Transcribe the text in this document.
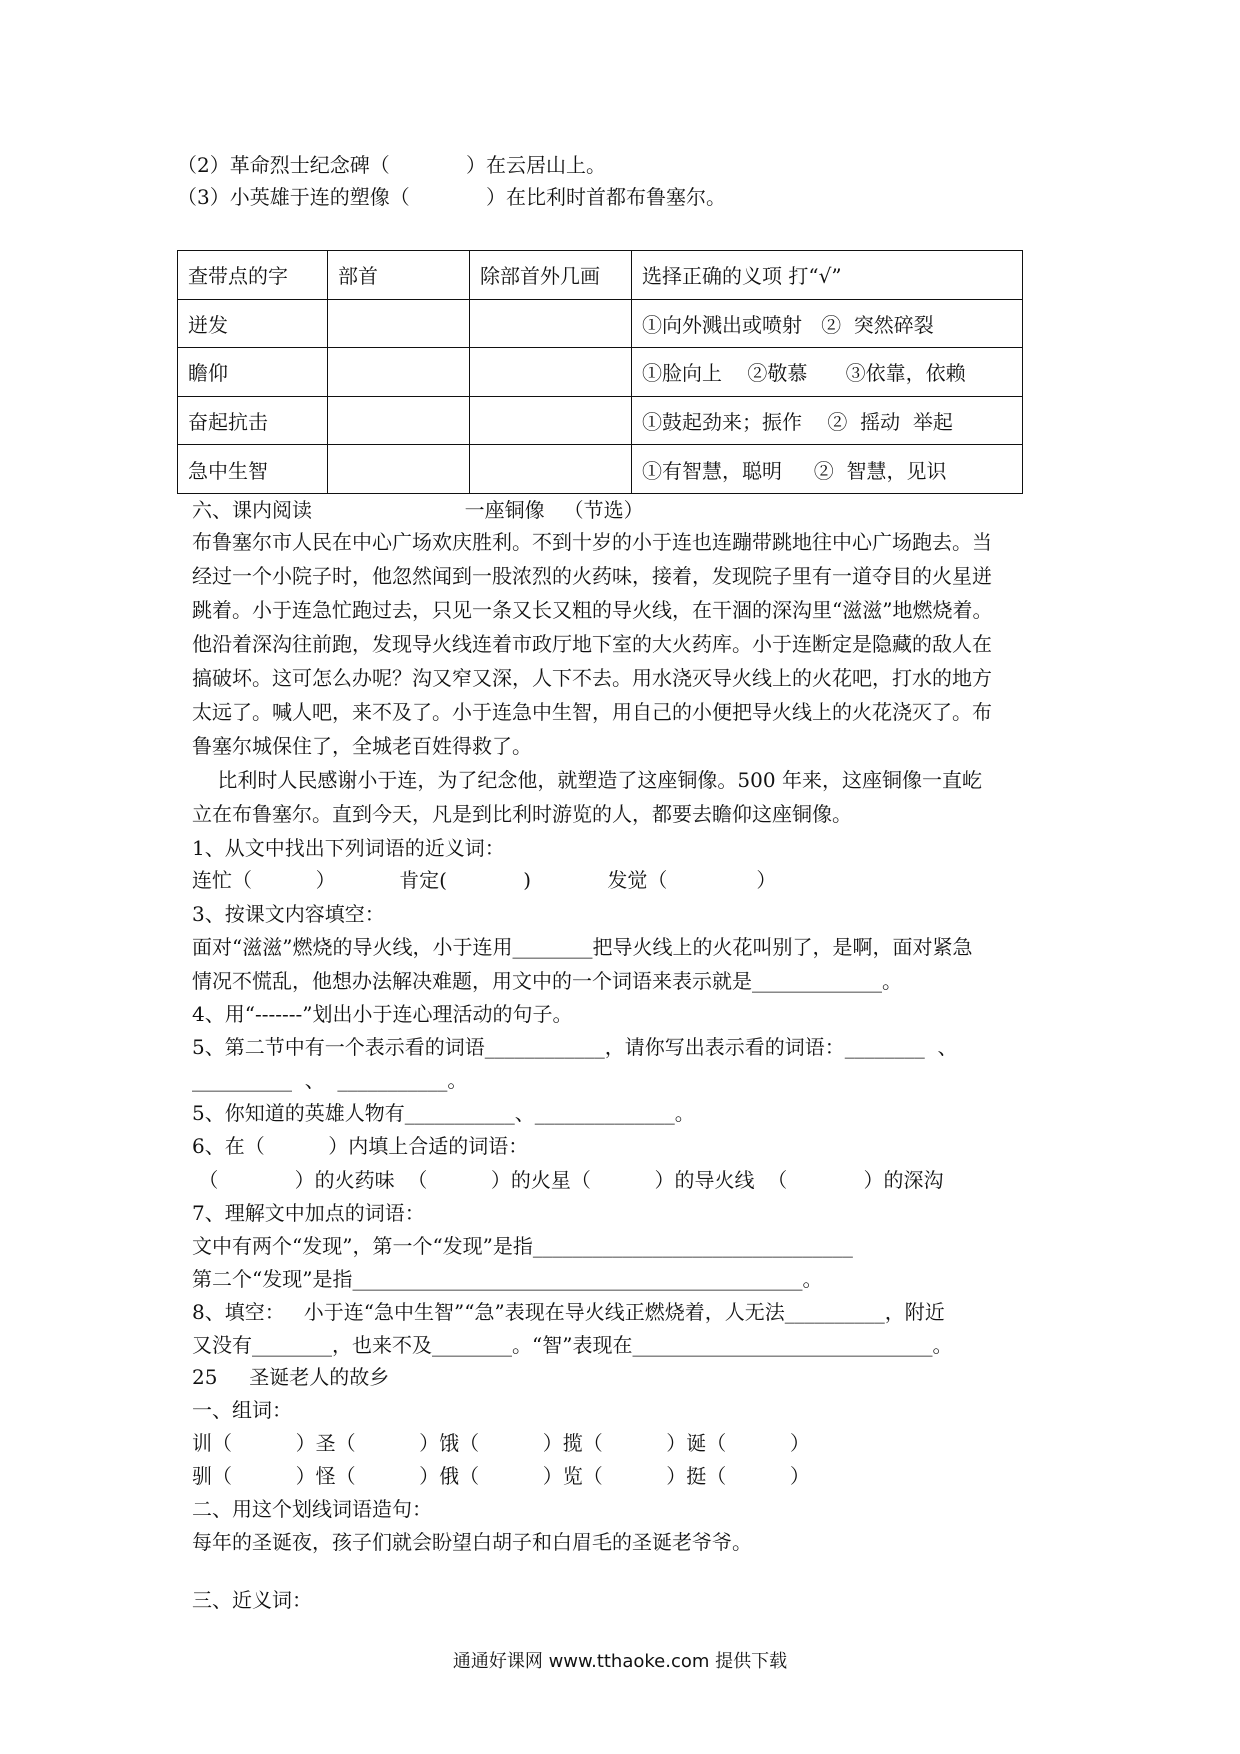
（2）革命烈士纪念碑（            ）在云居山上。
（3）小英雄于连的塑像（            ）在比利时首都布鲁塞尔。
查带点的字	部首	除部首外几画	选择正确的义项 打“√”
迸发			①向外溅出或喷射   ②  突然碎裂
瞻仰			①脸向上    ②敬慕      ③依靠，依赖
奋起抗击			①鼓起劲来；振作    ②  摇动  举起
急中生智			①有智慧，聪明     ②  智慧，见识
六、课内阅读                        一座铜像   （节选）
布鲁塞尔市人民在中心广场欢庆胜利。不到十岁的小于连也连蹦带跳地往中心广场跑去。当
经过一个小院子时，他忽然闻到一股浓烈的火药味，接着，发现院子里有一道夺目的火星迸
跳着。小于连急忙跑过去，只见一条又长又粗的导火线，在干涸的深沟里“滋滋”地燃烧着。
他沿着深沟往前跑，发现导火线连着市政厅地下室的大火药库。小于连断定是隐藏的敌人在
搞破坏。这可怎么办呢？沟又窄又深，人下不去。用水浇灭导火线上的火花吧，打水的地方
太远了。喊人吧，来不及了。小于连急中生智，用自己的小便把导火线上的火花浇灭了。布
鲁塞尔城保住了，全城老百姓得救了。
比利时人民感谢小于连，为了纪念他，就塑造了这座铜像。500 年来，这座铜像一直屹
立在布鲁塞尔。直到今天，凡是到比利时游览的人，都要去瞻仰这座铜像。
1、从文中找出下列词语的近义词：
连忙（          ）          肯定(            )            发觉（              ）
3、按课文内容填空：
面对“滋滋”燃烧的导火线，小于连用________把导火线上的火花叫别了，是啊，面对紧急
情况不慌乱，他想办法解决难题，用文中的一个词语来表示就是_____________。
4、用“-------”划出小于连心理活动的句子。
5、第二节中有一个表示看的词语____________，请你写出表示看的词语：________  、
__________  、  ___________。
5、你知道的英雄人物有___________、______________。
6、在（          ）内填上合适的词语：
（            ）的火药味  （          ）的火星（          ）的导火线  （            ）的深沟
7、理解文中加点的词语：
文中有两个“发现”，第一个“发现”是指________________________________
第二个“发现”是指_____________________________________________。
8、填空：   小于连“急中生智”“急”表现在导火线正燃烧着，人无法__________，附近
又没有________，也来不及________。“智”表现在______________________________。
25     圣诞老人的故乡
一、组词：
训（          ）圣（          ）饿（          ）揽（          ）诞（          ）
驯（          ）怪（          ）俄（          ）览（          ）挺（          ）
二、用这个划线词语造句：
每年的圣诞夜，孩子们就会盼望白胡子和白眉毛的圣诞老爷爷。
三、近义词：
通通好课网 www.tthaoke.com 提供下载
